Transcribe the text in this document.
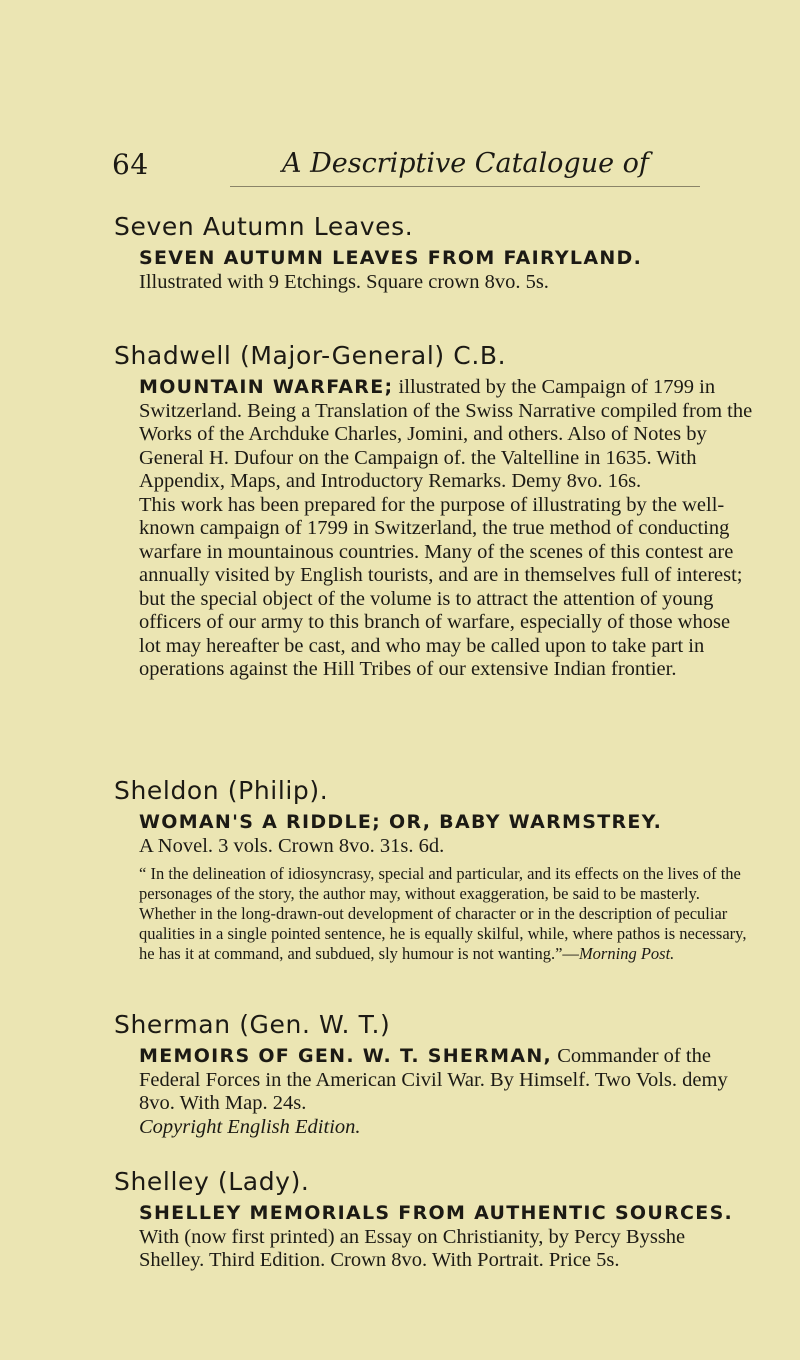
64	A Descriptive Catalogue of
Seven Autumn Leaves.
SEVEN AUTUMN LEAVES FROM FAIRYLAND.
Illustrated with 9 Etchings. Square crown 8vo. 5s.
Shadwell (Major-General) C.B.
MOUNTAIN WARFARE; illustrated by the Campaign of 1799 in Switzerland. Being a Translation of the Swiss Narrative compiled from the Works of the Archduke Charles, Jomini, and others. Also of Notes by General H. Dufour on the Campaign of. the Valtelline in 1635. With Appendix, Maps, and Introductory Remarks. Demy 8vo. 16s.
This work has been prepared for the purpose of illustrating by the well-known campaign of 1799 in Switzerland, the true method of conducting warfare in mountainous countries. Many of the scenes of this contest are annually visited by English tourists, and are in themselves full of interest; but the special object of the volume is to attract the attention of young officers of our army to this branch of warfare, especially of those whose lot may hereafter be cast, and who may be called upon to take part in operations against the Hill Tribes of our extensive Indian frontier.
Sheldon (Philip).
WOMAN'S A RIDDLE; OR, BABY WARMSTREY.
A Novel. 3 vols. Crown 8vo. 31s. 6d.
“ In the delineation of idiosyncrasy, special and particular, and its effects on the lives of the personages of the story, the author may, without exaggeration, be said to be masterly. Whether in the long-drawn-out development of character or in the description of peculiar qualities in a single pointed sentence, he is equally skilful, while, where pathos is necessary, he has it at command, and subdued, sly humour is not wanting.”—Morning Post.
Sherman (Gen. W. T.)
MEMOIRS OF GEN. W. T. SHERMAN, Commander of the Federal Forces in the American Civil War. By Himself. Two Vols. demy 8vo. With Map. 24s.
Copyright English Edition.
Shelley (Lady).
SHELLEY MEMORIALS FROM AUTHENTIC SOURCES. With (now first printed) an Essay on Christianity, by Percy Bysshe Shelley. Third Edition. Crown 8vo. With Portrait. Price 5s.
